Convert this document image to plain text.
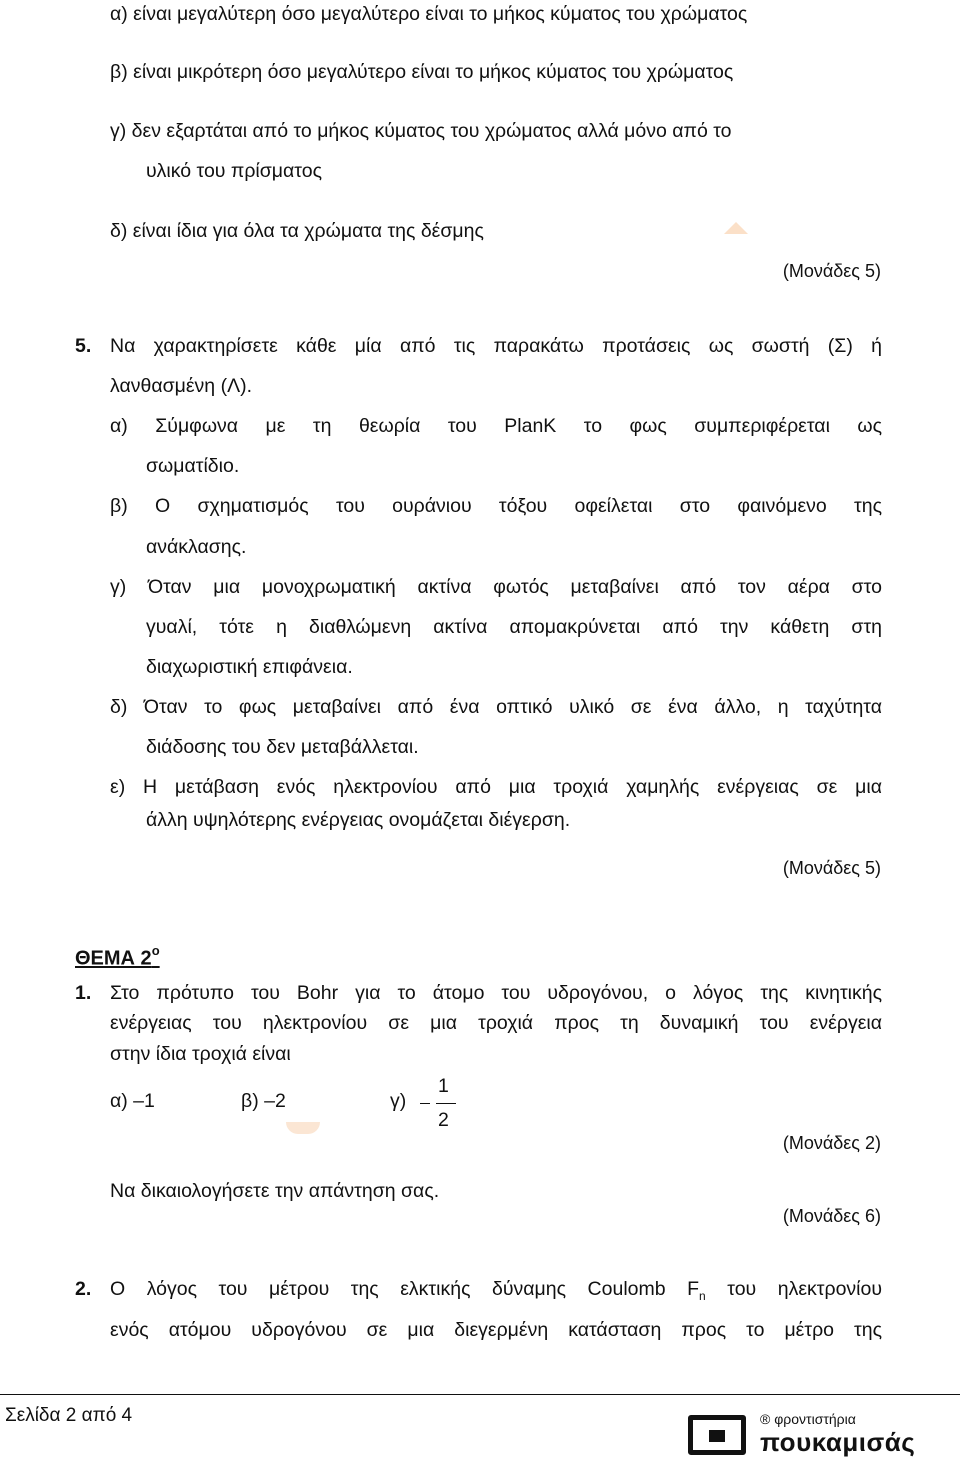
α) είναι μεγαλύτερη όσο μεγαλύτερο είναι το μήκος κύματος του χρώματος
β) είναι μικρότερη όσο μεγαλύτερο είναι το μήκος κύματος του χρώματος
γ) δεν εξαρτάται από το μήκος κύματος του χρώματος αλλά μόνο από το
υλικό του πρίσματος
δ) είναι ίδια για όλα τα χρώματα της δέσμης
(Μονάδες 5)
5. Να χαρακτηρίσετε κάθε μία από τις παρακάτω προτάσεις ως σωστή (Σ) ή
λανθασμένη (Λ).
α) Σύμφωνα με τη θεωρία του PlanK το φως συμπεριφέρεται ως
σωματίδιο.
β) Ο σχηματισμός του ουράνιου τόξου οφείλεται στο φαινόμενο της
ανάκλασης.
γ) Όταν μια μονοχρωματική ακτίνα φωτός μεταβαίνει από τον αέρα στο
γυαλί, τότε η διαθλώμενη ακτίνα απομακρύνεται από την κάθετη στη
διαχωριστική επιφάνεια.
δ) Όταν το φως μεταβαίνει από ένα οπτικό υλικό σε ένα άλλο, η ταχύτητα
διάδοσης του δεν μεταβάλλεται.
ε) Η μετάβαση ενός ηλεκτρονίου από μια τροχιά χαμηλής ενέργειας σε μια
άλλη υψηλότερης ενέργειας ονομάζεται διέγερση.
(Μονάδες 5)
ΘΕΜΑ $2^o$
1. Στο πρότυπο του Bohr για το άτομο του υδρογόνου, ο λόγος της κινητικής
ενέργειας του ηλεκτρονίου σε μια τροχιά προς τη δυναμική του ενέργεια
στην ίδια τροχιά είναι
α) –1	β) –2	γ)
1
2
(Μονάδες 2)
Να δικαιολογήσετε την απάντηση σας.
(Μονάδες 6)
2. Ο λόγος του μέτρου της ελκτικής δύναμης Coulomb $F_n$ του ηλεκτρονίου
ενός ατόμου υδρογόνου σε μια διεγερμένη κατάσταση προς το μέτρο της
Σελίδα 2 από 4	® φροντιστήρια
πουκαμισάς
